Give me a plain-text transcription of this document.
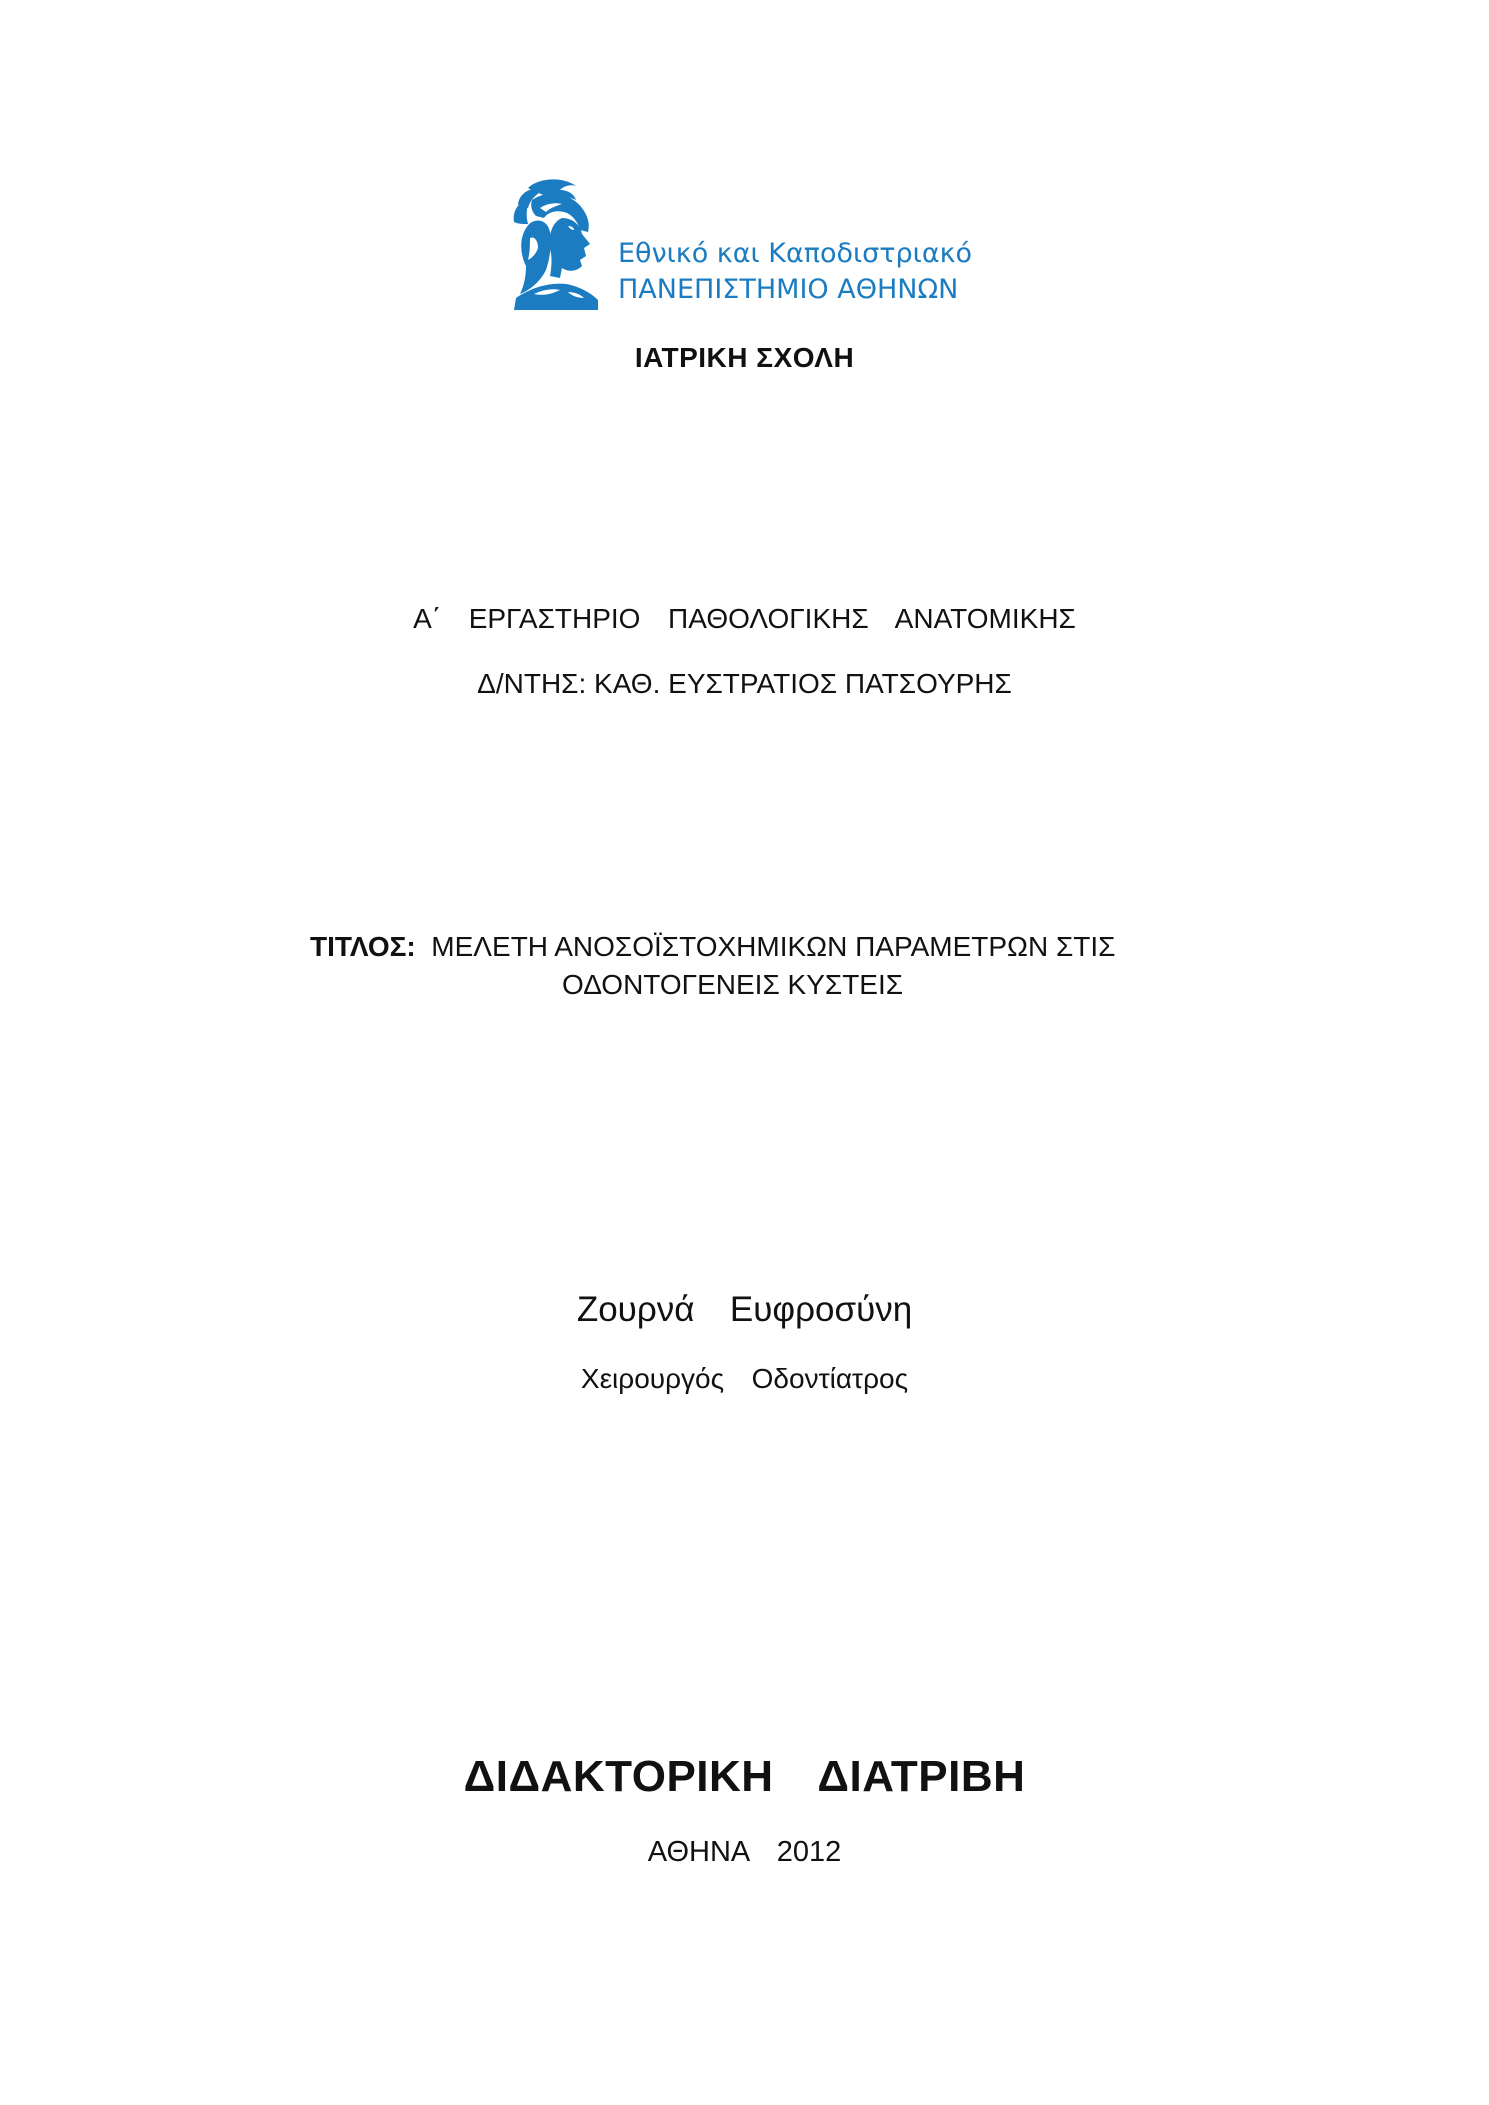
Εθνικό και Καποδιστριακό
ΠΑΝΕΠΙΣΤΗΜΙΟ ΑΘΗΝΩΝ
ΙΑΤΡΙΚΗ ΣΧΟΛΗ
Α΄  ΕΡΓΑΣΤΗΡΙΟ  ΠΑΘΟΛΟΓΙΚΗΣ  ΑΝΑΤΟΜΙΚΗΣ
Δ/ΝΤΗΣ: ΚΑΘ. ΕΥΣΤΡΑΤΙΟΣ ΠΑΤΣΟΥΡΗΣ
ΤΙΤΛΟΣ:  ΜΕΛΕΤΗ ΑΝΟΣΟΪΣΤΟΧΗΜΙΚΩΝ ΠΑΡΑΜΕΤΡΩΝ ΣΤΙΣ
ΟΔΟΝΤΟΓΕΝΕΙΣ ΚΥΣΤΕΙΣ
Ζουρνά  Ευφροσύνη
Χειρουργός  Οδοντίατρος
ΔΙΔΑΚΤΟΡΙΚΗ  ΔΙΑΤΡΙΒΗ
ΑΘΗΝΑ  2012
